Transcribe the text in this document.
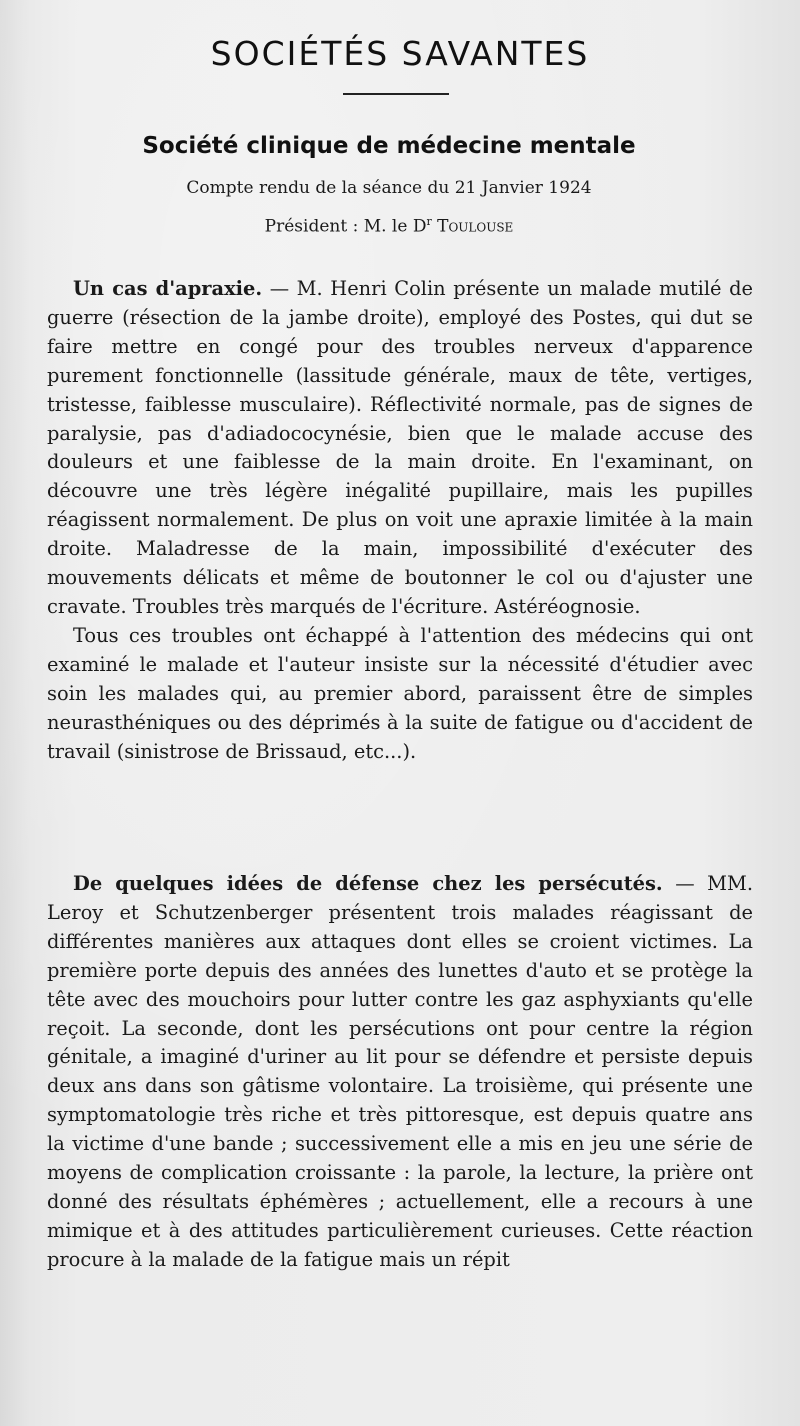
SOCIÉTÉS SAVANTES
Société clinique de médecine mentale
Compte rendu de la séance du 21 Janvier 1924
Président : M. le $D^r$ Toulouse

Un cas d'apraxie. — M. Henri Colin présente un malade mutilé de guerre (résection de la jambe droite), employé des Postes, qui dut se faire mettre en congé pour des troubles nerveux d'apparence purement fonctionnelle (lassitude générale, maux de tête, vertiges, tristesse, faiblesse musculaire). Réflectivité normale, pas de signes de paralysie, pas d'adiadococynésie, bien que le malade accuse des douleurs et une faiblesse de la main droite. En l'examinant, on découvre une très légère inégalité pupillaire, mais les pupilles réagissent normalement. De plus on voit une apraxie limitée à la main droite. Maladresse de la main, impossibilité d'exécuter des mouvements délicats et même de boutonner le col ou d'ajuster une cravate. Troubles très marqués de l'écriture. Astéréognosie.

Tous ces troubles ont échappé à l'attention des médecins qui ont examiné le malade et l'auteur insiste sur la nécessité d'étudier avec soin les malades qui, au premier abord, paraissent être de simples neurasthéniques ou des déprimés à la suite de fatigue ou d'accident de travail (sinistrose de Brissaud, etc...).

De quelques idées de défense chez les persécutés. — MM. Leroy et Schutzenberger présentent trois malades réagissant de différentes manières aux attaques dont elles se croient victimes. La première porte depuis des années des lunettes d'auto et se protège la tête avec des mouchoirs pour lutter contre les gaz asphyxiants qu'elle reçoit. La seconde, dont les persécutions ont pour centre la région génitale, a imaginé d'uriner au lit pour se défendre et persiste depuis deux ans dans son gâtisme volontaire. La troisième, qui présente une symptomatologie très riche et très pittoresque, est depuis quatre ans la victime d'une bande ; successivement elle a mis en jeu une série de moyens de complication croissante : la parole, la lecture, la prière ont donné des résultats éphémères ; actuellement, elle a recours à une mimique et à des attitudes particulièrement curieuses. Cette réaction procure à la malade de la fatigue mais un répit
